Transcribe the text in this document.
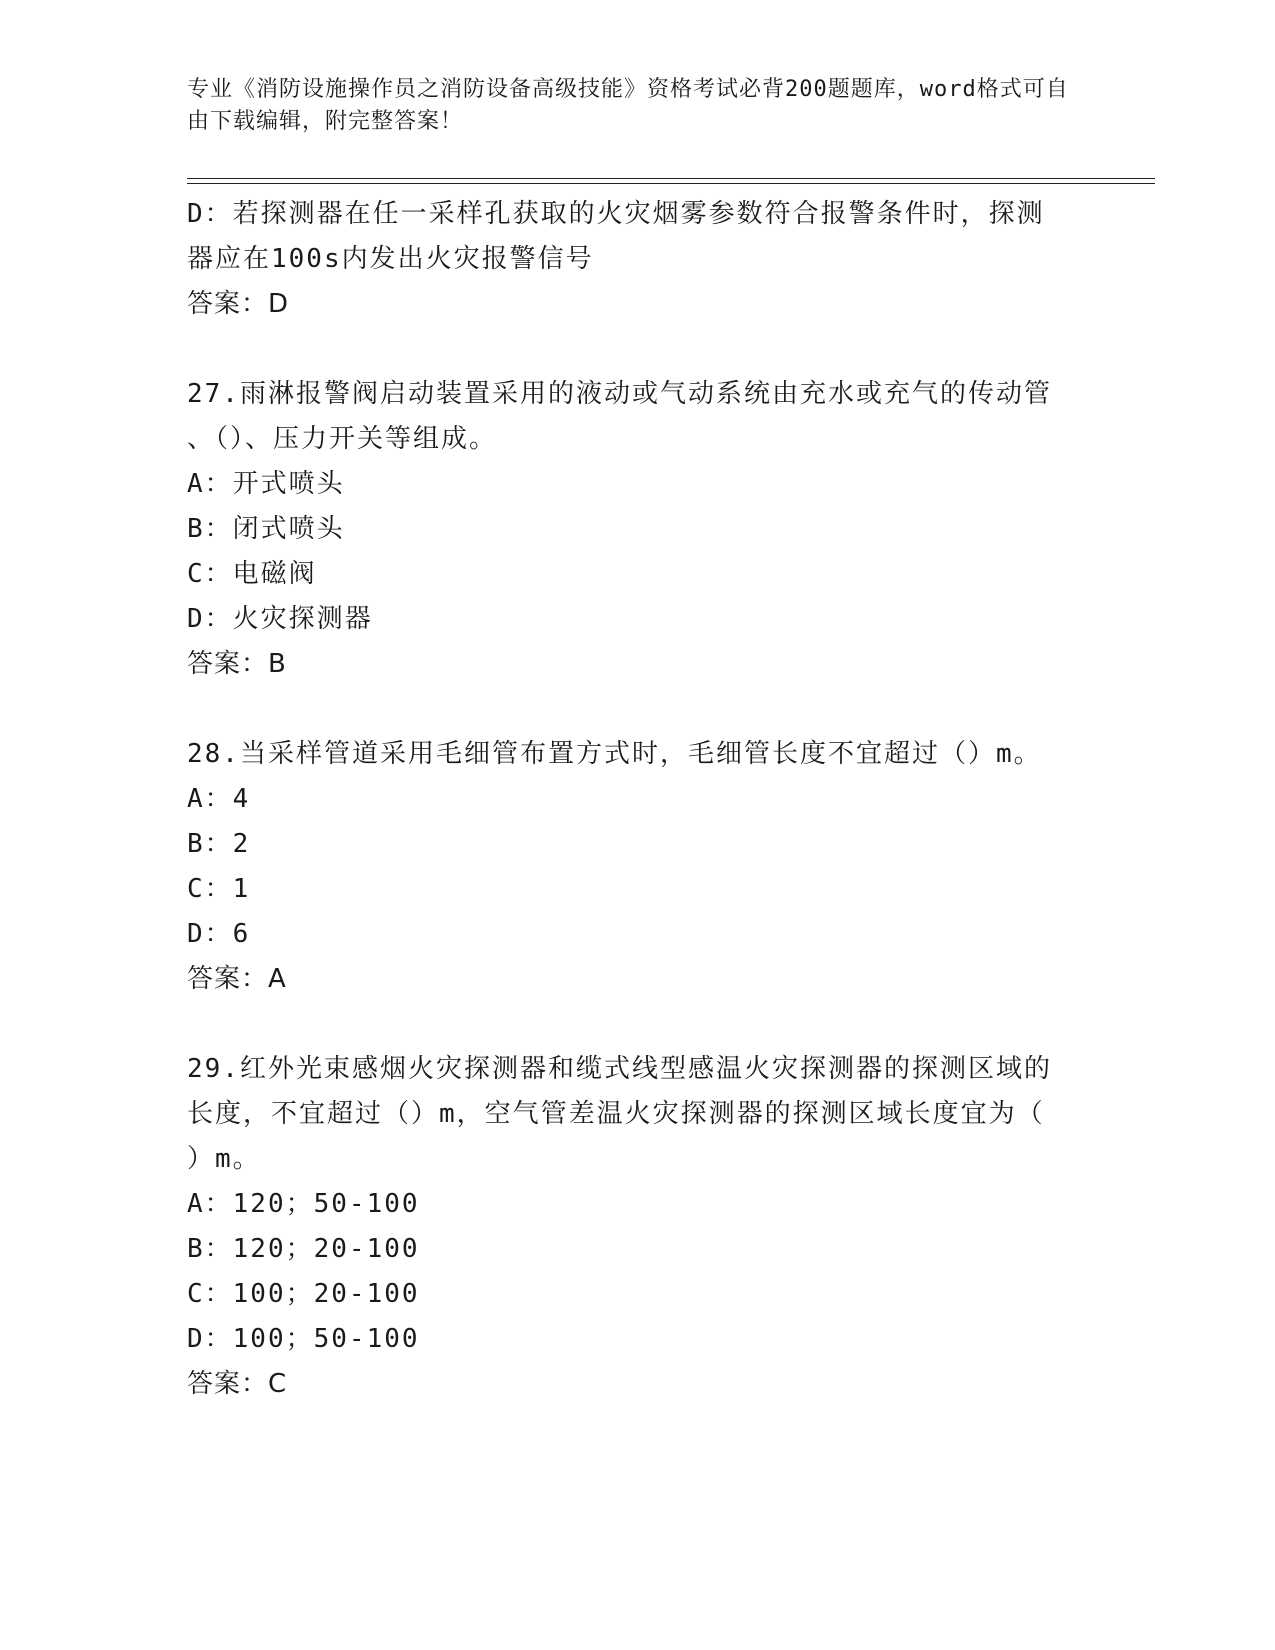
专业《消防设施操作员之消防设备高级技能》资格考试必背200题题库，word格式可自由下载编辑，附完整答案！
D：若探测器在任一采样孔获取的火灾烟雾参数符合报警条件时，探测
器应在100s内发出火灾报警信号
答案：D
27.雨淋报警阀启动装置采用的液动或气动系统由充水或充气的传动管
、（）、压力开关等组成。
A：开式喷头
B：闭式喷头
C：电磁阀
D：火灾探测器
答案：B
28.当采样管道采用毛细管布置方式时，毛细管长度不宜超过（）m。
A：4
B：2
C：1
D：6
答案：A
29.红外光束感烟火灾探测器和缆式线型感温火灾探测器的探测区域的
长度，不宜超过（）m，空气管差温火灾探测器的探测区域长度宜为（
）m。
A：120；50-100
B：120；20-100
C：100；20-100
D：100；50-100
答案：C
